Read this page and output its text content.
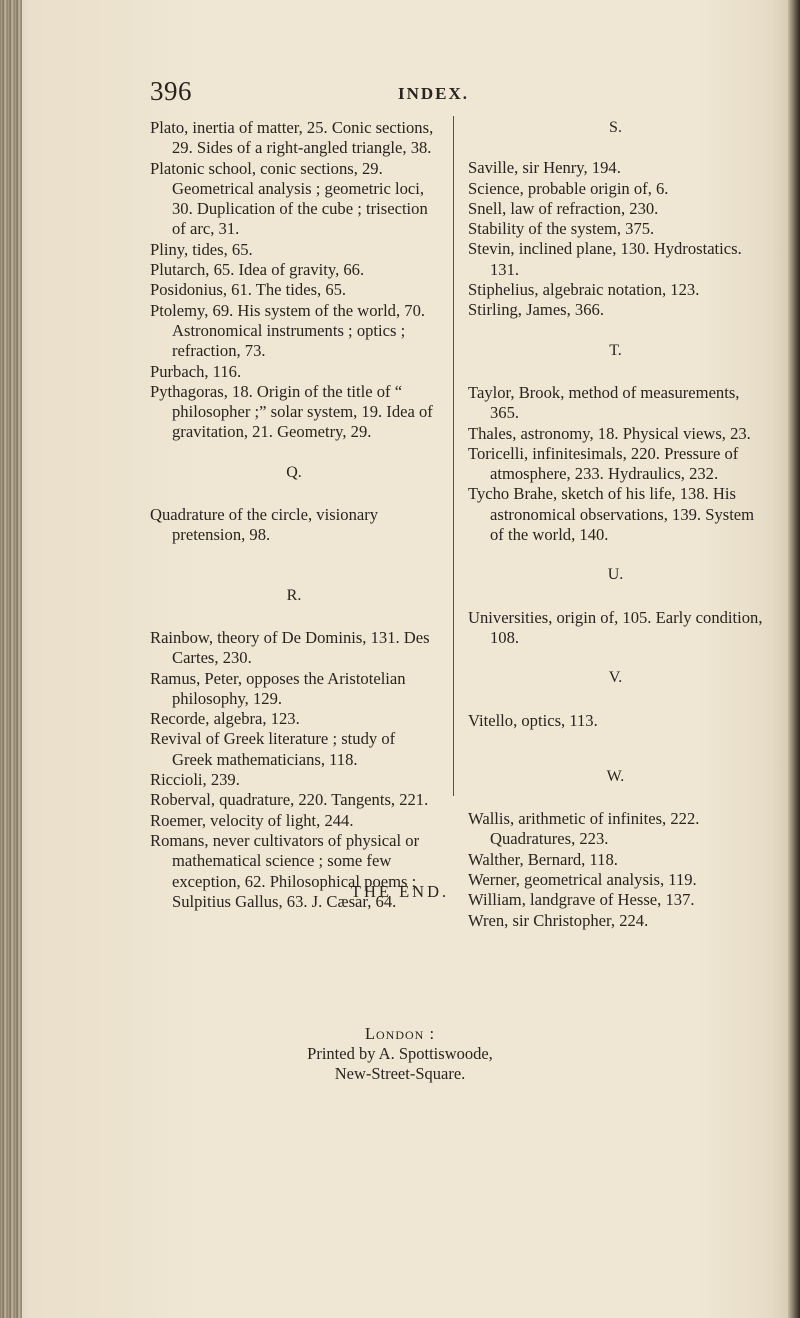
396	INDEX.

Plato, inertia of matter, 25. Conic sections, 29. Sides of a right-angled triangle, 38.

Platonic school, conic sections, 29. Geometrical analysis ; geometric loci, 30. Duplication of the cube ; trisection of arc, 31.

Pliny, tides, 65.

Plutarch, 65. Idea of gravity, 66.

Posidonius, 61. The tides, 65.

Ptolemy, 69. His system of the world, 70. Astronomical instruments ; optics ; refraction, 73.

Purbach, 116.

Pythagoras, 18. Origin of the title of “ philosopher ;” solar system, 19. Idea of gravitation, 21. Geometry, 29.

Q.

Quadrature of the circle, visionary pretension, 98.

R.

Rainbow, theory of De Dominis, 131. Des Cartes, 230.

Ramus, Peter, opposes the Aristotelian philosophy, 129.

Recorde, algebra, 123.

Revival of Greek literature ; study of Greek mathematicians, 118.

Riccioli, 239.

Roberval, quadrature, 220. Tangents, 221.

Roemer, velocity of light, 244.

Romans, never cultivators of physical or mathematical science ; some few exception, 62. Philosophical poems ; Sulpitius Gallus, 63. J. Cæsar, 64.

S.

Saville, sir Henry, 194.

Science, probable origin of, 6.

Snell, law of refraction, 230.

Stability of the system, 375.

Stevin, inclined plane, 130. Hydrostatics. 131.

Stiphelius, algebraic notation, 123.

Stirling, James, 366.

T.

Taylor, Brook, method of measurements, 365.

Thales, astronomy, 18. Physical views, 23.

Toricelli, infinitesimals, 220. Pressure of atmosphere, 233. Hydraulics, 232.

Tycho Brahe, sketch of his life, 138. His astronomical observations, 139. System of the world, 140.

U.

Universities, origin of, 105. Early condition, 108.

V.

Vitello, optics, 113.

W.

Wallis, arithmetic of infinites, 222. Quadratures, 223.

Walther, Bernard, 118.

Werner, geometrical analysis, 119.

William, landgrave of Hesse, 137.

Wren, sir Christopher, 224.

THE END.
London :
Printed by A. Spottiswoode,
New-Street-Square.
